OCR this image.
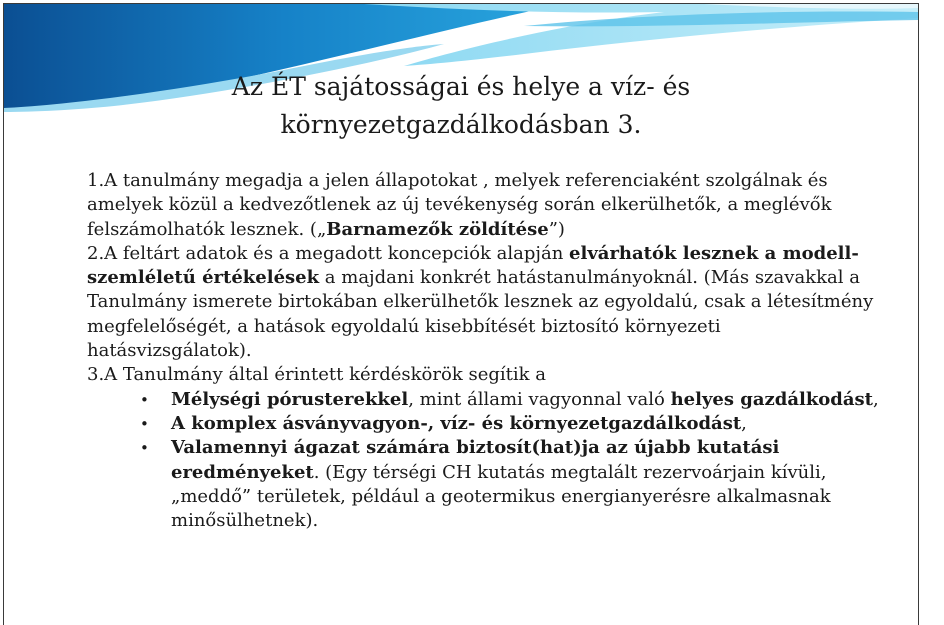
Az ÉT sajátosságai és helye a víz- és
környezetgazdálkodásban 3.

1.A tanulmány megadja a jelen állapotokat , melyek referenciaként szolgálnak és amelyek közül a kedvezőtlenek az új tevékenység során elkerülhetők, a meglévők felszámolhatók lesznek. („Barnamezők zöldítése”)

2.A feltárt adatok és a megadott koncepciók alapján elvárhatók lesznek a modell-szemléletű értékelések a majdani konkrét hatástanulmányoknál. (Más szavakkal a Tanulmány ismerete birtokában elkerülhetők lesznek az egyoldalú, csak a létesítmény megfelelőségét, a hatások egyoldalú kisebbítését biztosító környezeti hatásvizsgálatok).

3.A Tanulmány által érintett kérdéskörök segítik a

• Mélységi pórusterekkel, mint állami vagyonnal való helyes gazdálkodást,
• A komplex ásványvagyon-, víz- és környezetgazdálkodást,
• Valamennyi ágazat számára biztosít(hat)ja az újabb kutatási eredményeket. (Egy térségi CH kutatás megtalált rezervoárjain kívüli, „meddő” területek, például a geotermikus energianyerésre alkalmasnak minősülhetnek).
